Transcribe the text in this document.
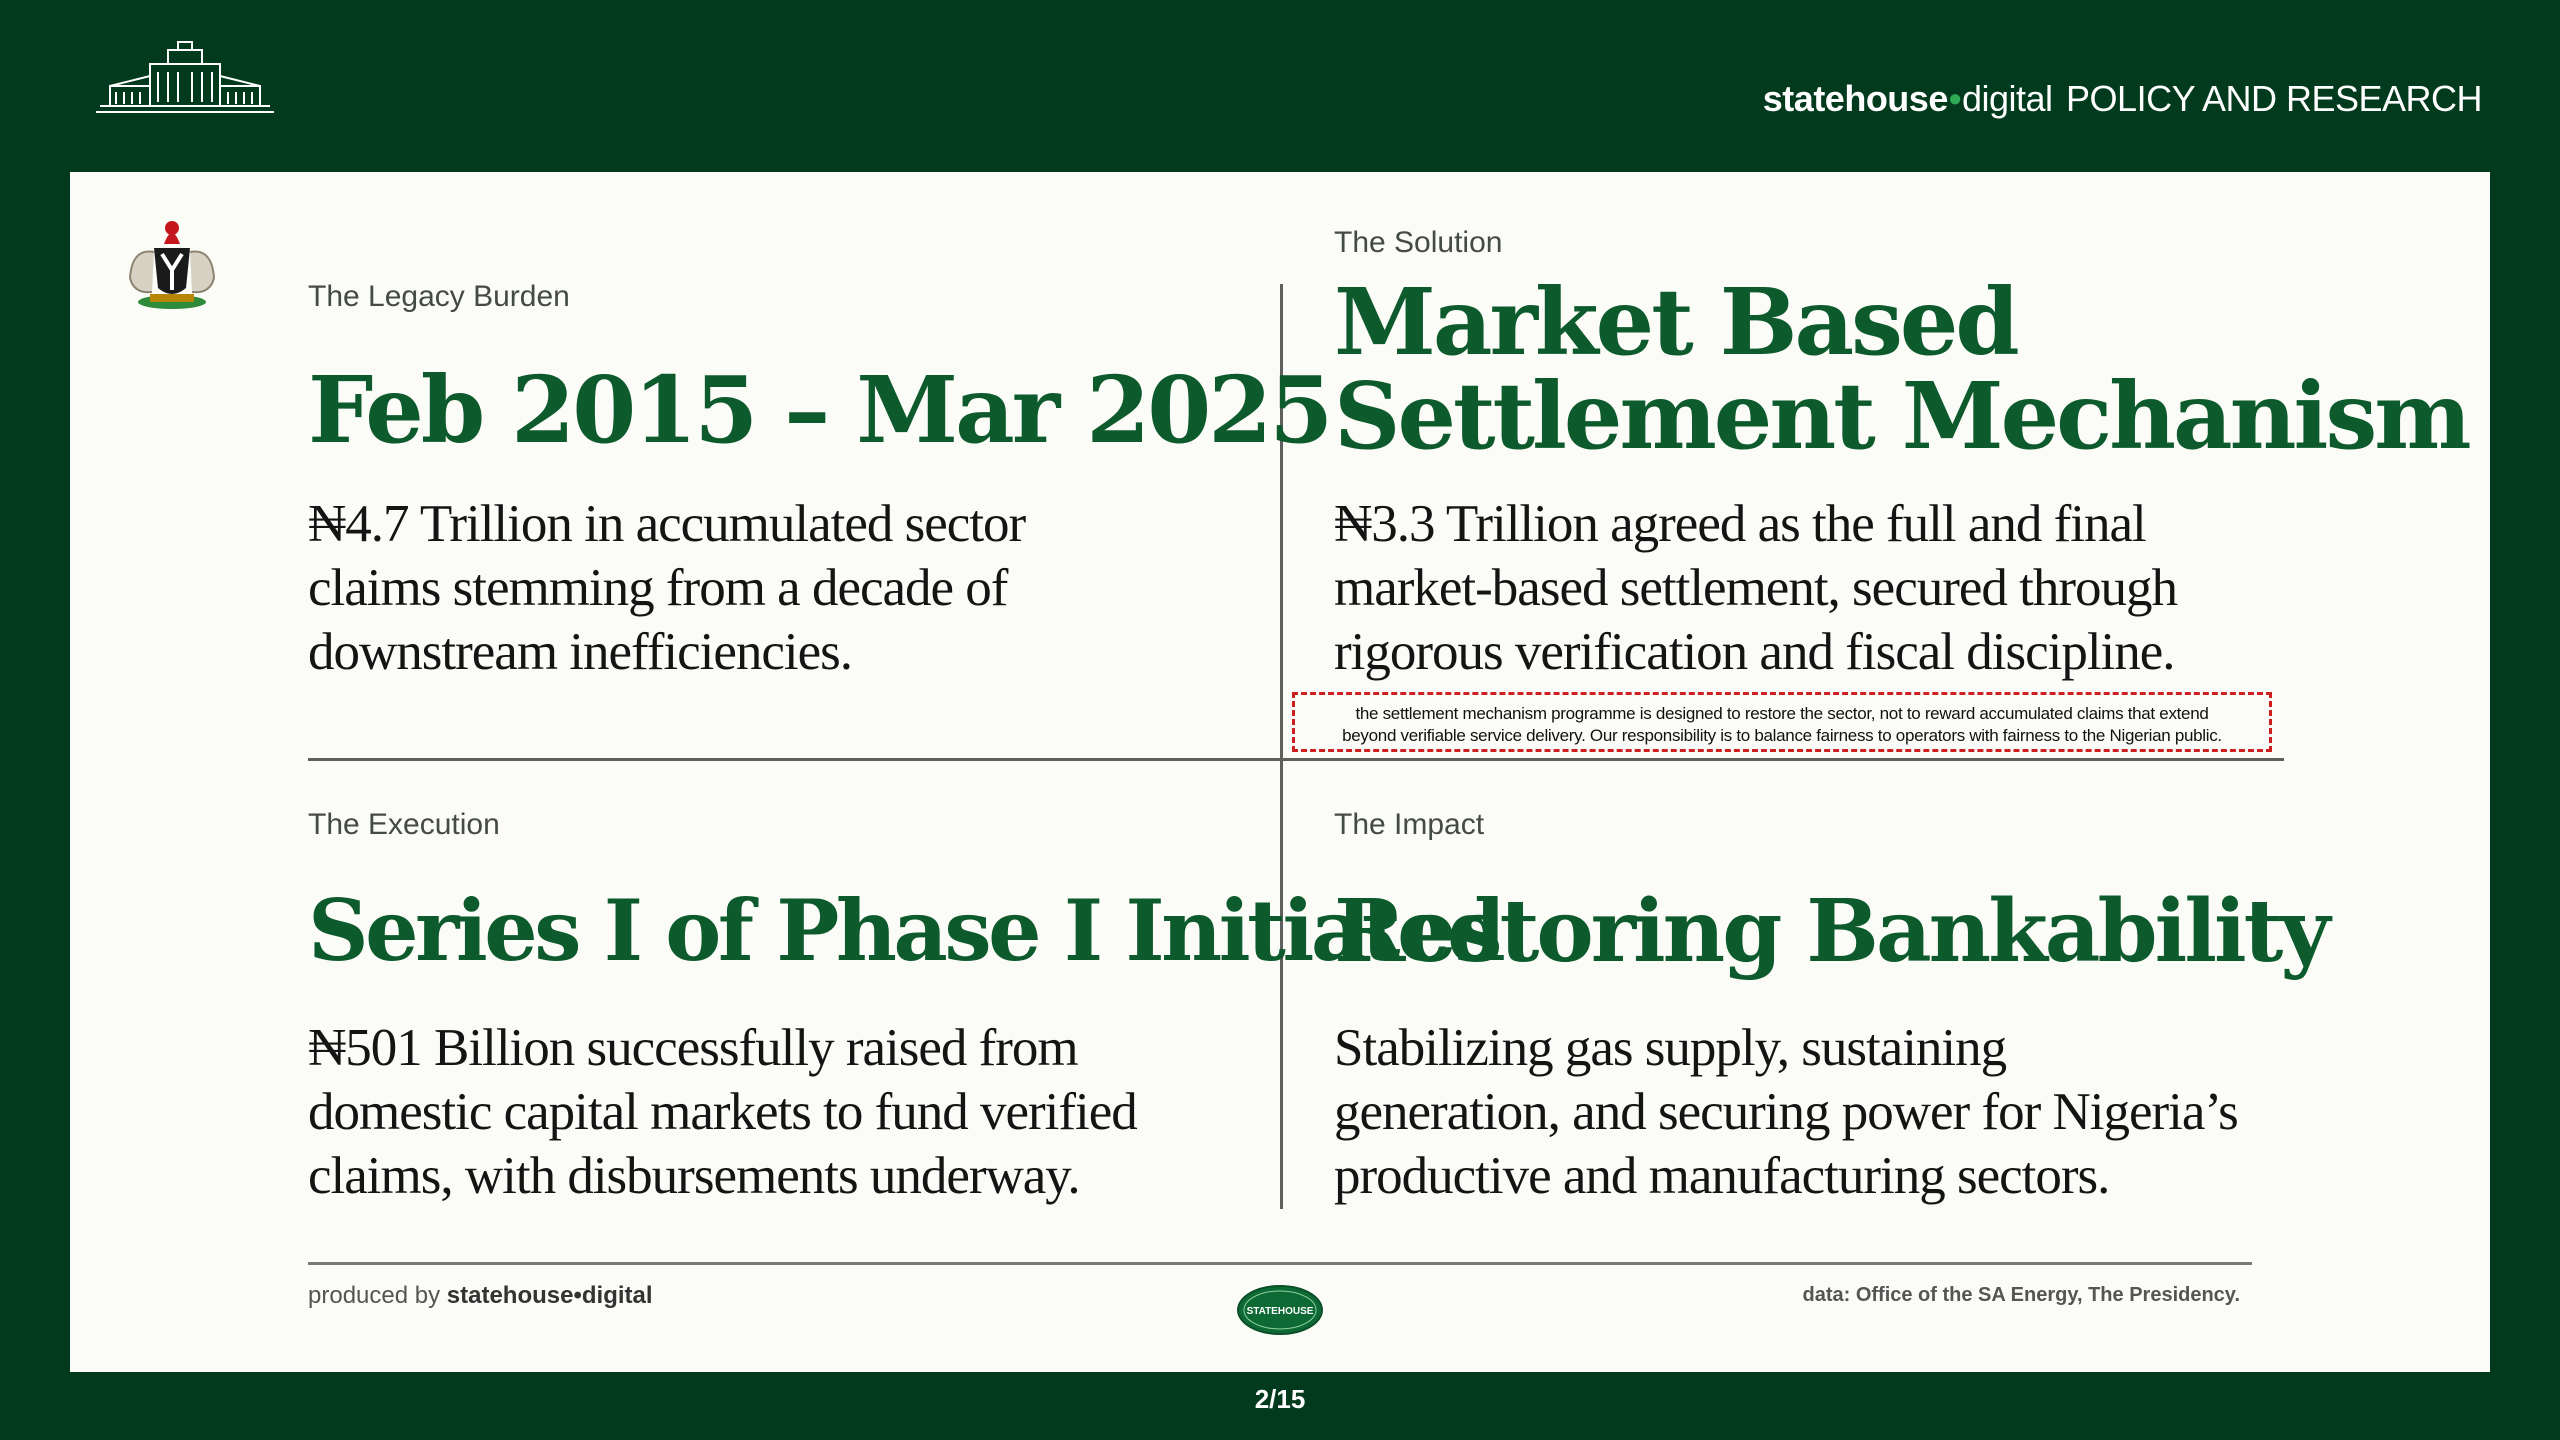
statehouse•digital POLICY AND RESEARCH
The Legacy Burden
Feb 2015 – Mar 2025
₦4.7 Trillion in accumulated sector
claims stemming from a decade of
downstream inefficiencies.
The Solution
Market Based
Settlement Mechanism
₦3.3 Trillion agreed as the full and final
market-based settlement, secured through
rigorous verification and fiscal discipline.
the settlement mechanism programme is designed to restore the sector, not to reward accumulated claims that extend
beyond verifiable service delivery. Our responsibility is to balance fairness to operators with fairness to the Nigerian public.
The Execution
Series I of Phase I Initiated
₦501 Billion successfully raised from
domestic capital markets to fund verified
claims, with disbursements underway.
The Impact
Restoring Bankability
Stabilizing gas supply, sustaining
generation, and securing power for Nigeria’s
productive and manufacturing sectors.
produced by statehouse•digital
STATEHOUSE
data: Office of the SA Energy, The Presidency.
2/15
